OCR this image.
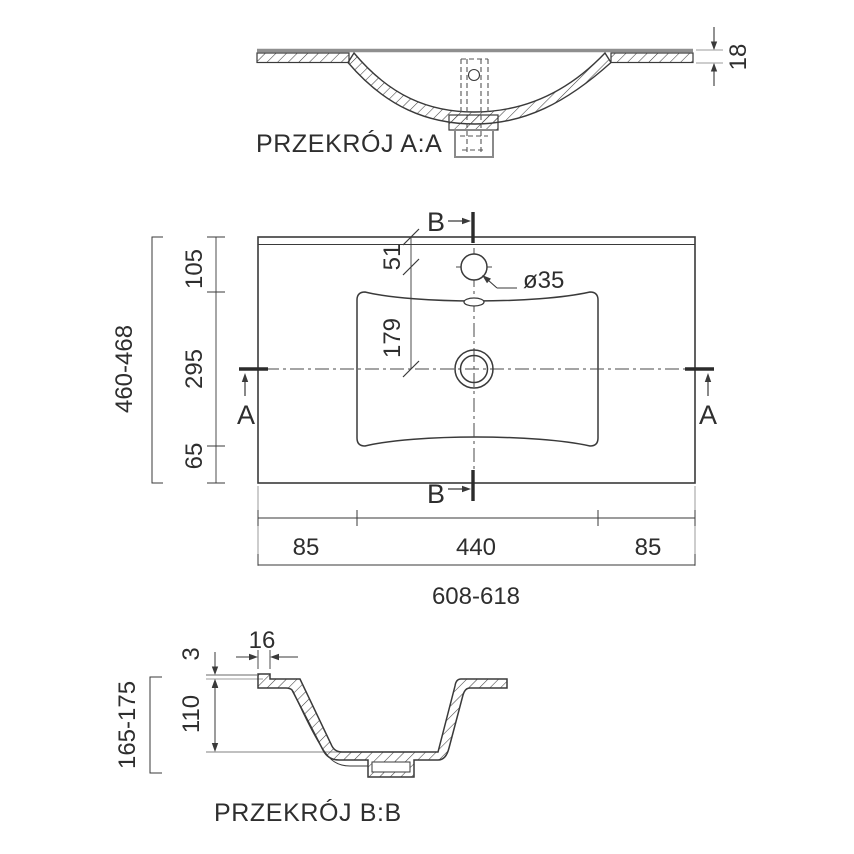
18
PRZEKRÓJ A:A
ø35
51
179
B
B
A	A
105
295
65
460-468
85	440	85
608-618
16
3
110
165-175
PRZEKRÓJ B:B
